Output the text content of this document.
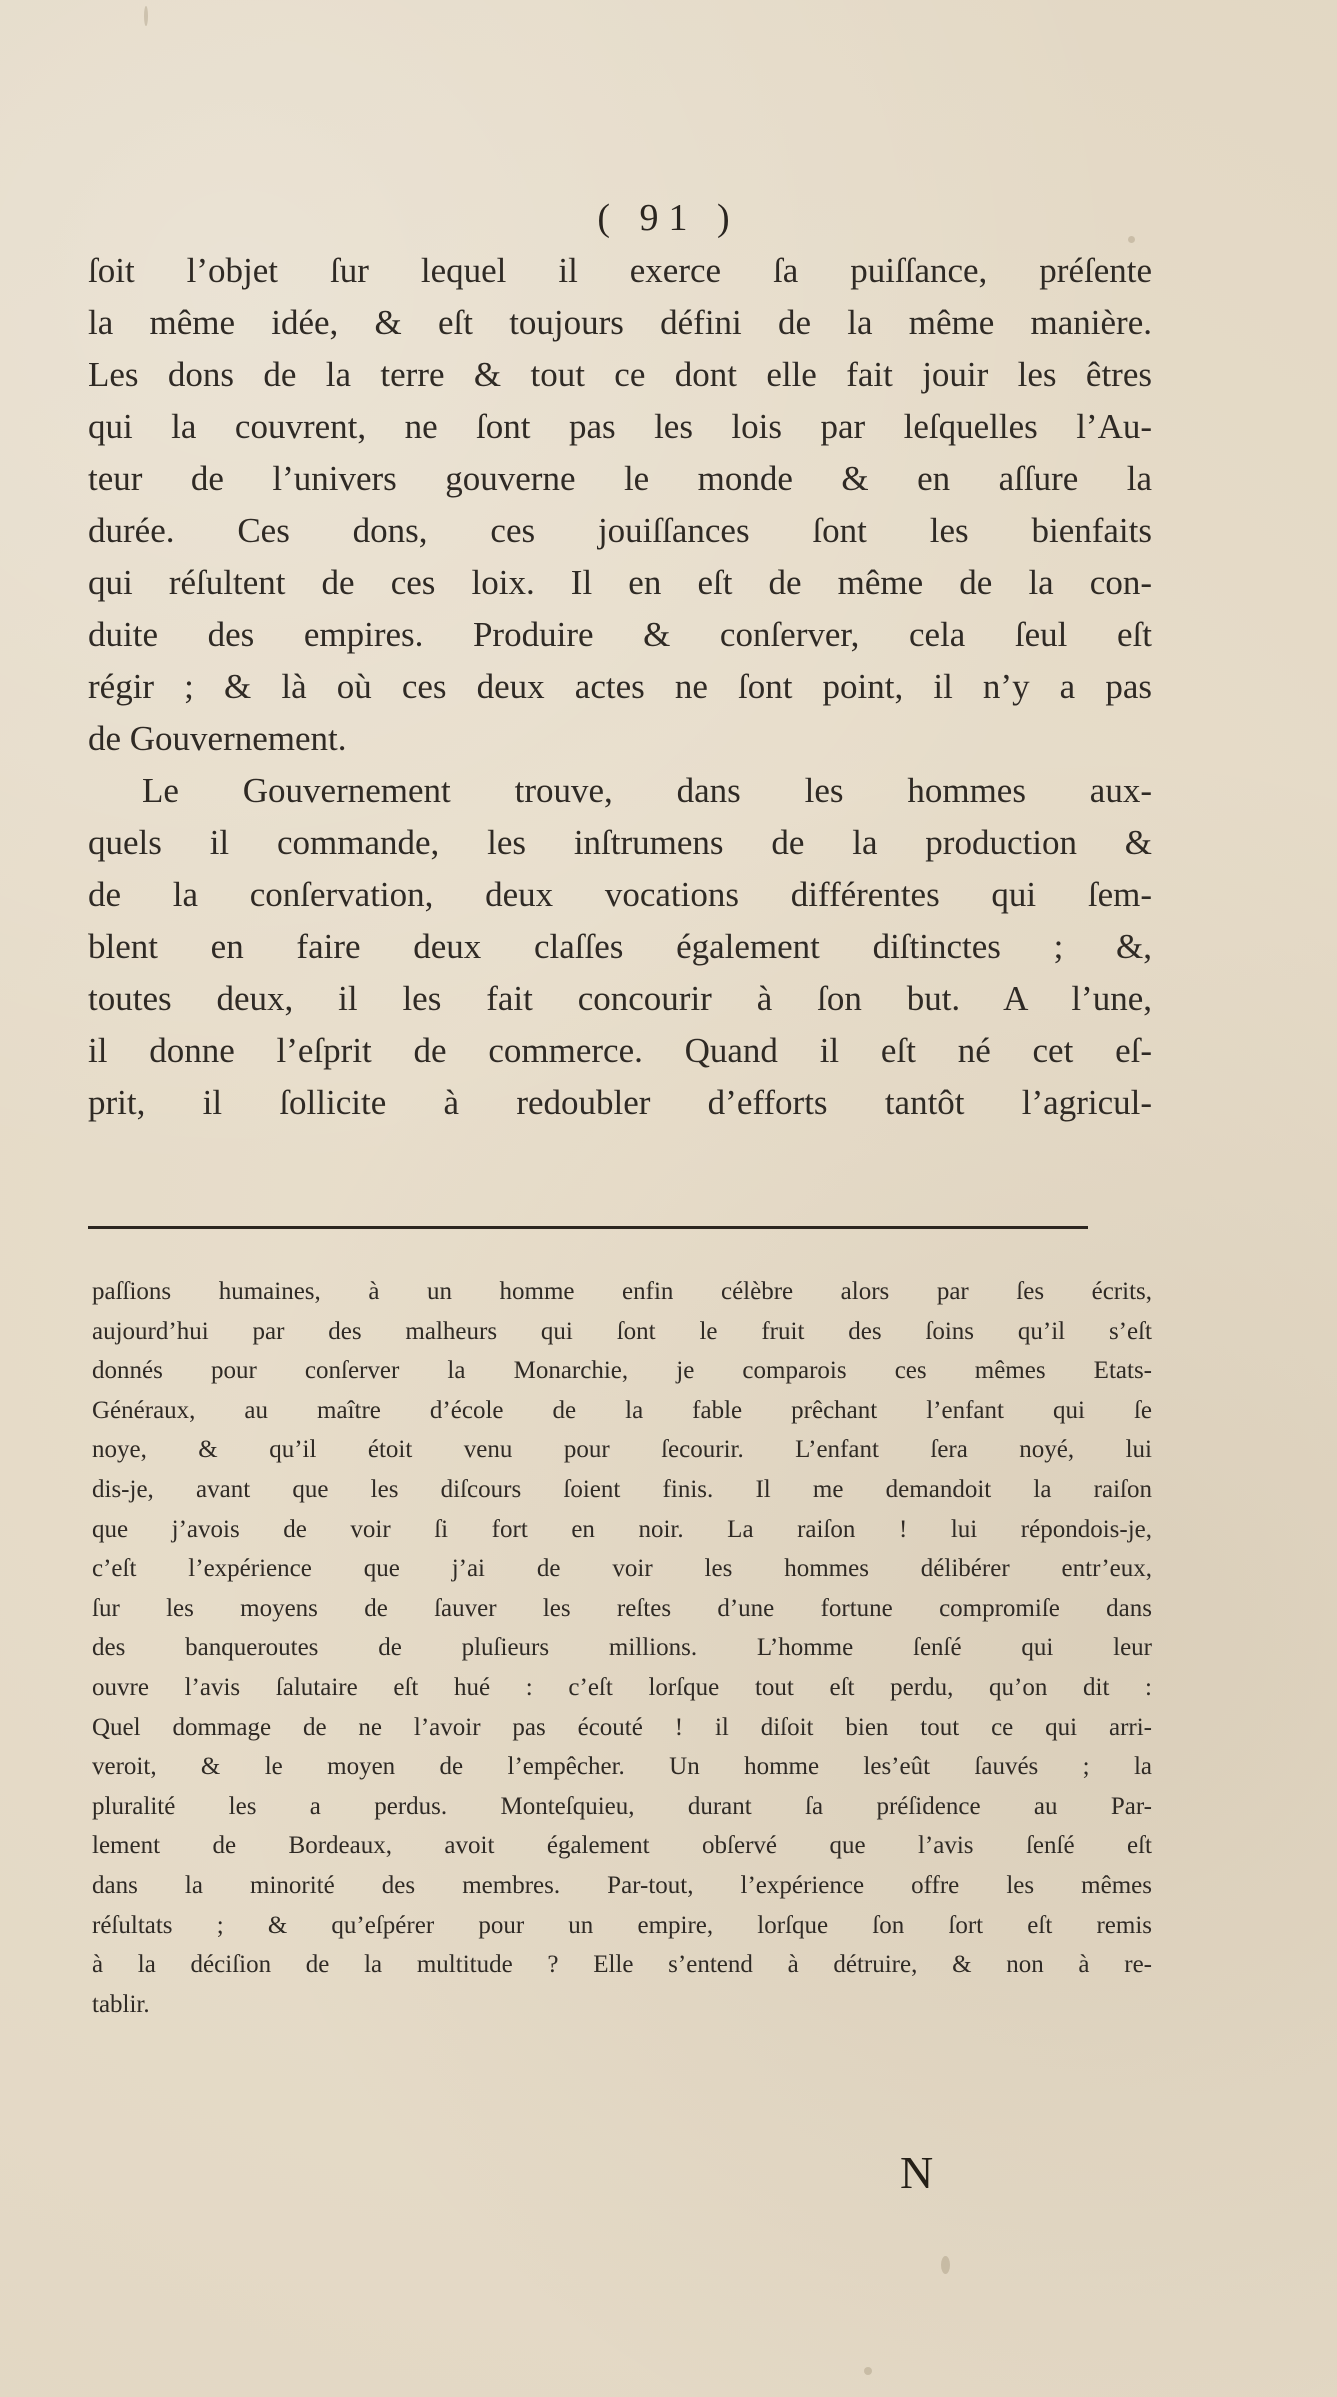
( 91 )

ſoit l’objet ſur lequel il exerce ſa puiſſance, préſente

la même idée, & eſt toujours défini de la même manière.

Les dons de la terre & tout ce dont elle fait jouir les êtres

qui la couvrent, ne ſont pas les lois par leſquelles l’Au-

teur de l’univers gouverne le monde & en aſſure la

durée. Ces dons, ces jouiſſances ſont les bienfaits

qui réſultent de ces loix. Il en eſt de même de la con-

duite des empires. Produire & conſerver, cela ſeul eſt

régir ; & là où ces deux actes ne ſont point, il n’y a pas

de Gouvernement.

Le Gouvernement trouve, dans les hommes aux-

quels il commande, les inſtrumens de la production &

de la conſervation, deux vocations différentes qui ſem-

blent en faire deux claſſes également diſtinctes ; &,

toutes deux, il les fait concourir à ſon but. A l’une,

il donne l’eſprit de commerce. Quand il eſt né cet eſ-

prit, il ſollicite à redoubler d’efforts tantôt l’agricul-

paſſions humaines, à un homme enfin célèbre alors par ſes écrits,

aujourd’hui par des malheurs qui ſont le fruit des ſoins qu’il s’eſt

donnés pour conſerver la Monarchie, je comparois ces mêmes Etats-

Généraux, au maître d’école de la fable prêchant l’enfant qui ſe

noye, & qu’il étoit venu pour ſecourir. L’enfant ſera noyé, lui

dis-je, avant que les diſcours ſoient finis. Il me demandoit la raiſon

que j’avois de voir ſi fort en noir. La raiſon ! lui répondois-je,

c’eſt l’expérience que j’ai de voir les hommes délibérer entr’eux,

ſur les moyens de ſauver les reſtes d’une fortune compromiſe dans

des banqueroutes de pluſieurs millions. L’homme ſenſé qui leur

ouvre l’avis ſalutaire eſt hué : c’eſt lorſque tout eſt perdu, qu’on dit :

Quel dommage de ne l’avoir pas écouté ! il diſoit bien tout ce qui arri-

veroit, & le moyen de l’empêcher. Un homme les’eût ſauvés ; la

pluralité les a perdus. Monteſquieu, durant ſa préſidence au Par-

lement de Bordeaux, avoit également obſervé que l’avis ſenſé eſt

dans la minorité des membres. Par-tout, l’expérience offre les mêmes

réſultats ; & qu’eſpérer pour un empire, lorſque ſon ſort eſt remis

à la déciſion de la multitude ? Elle s’entend à détruire, & non à re-

tablir.

N
